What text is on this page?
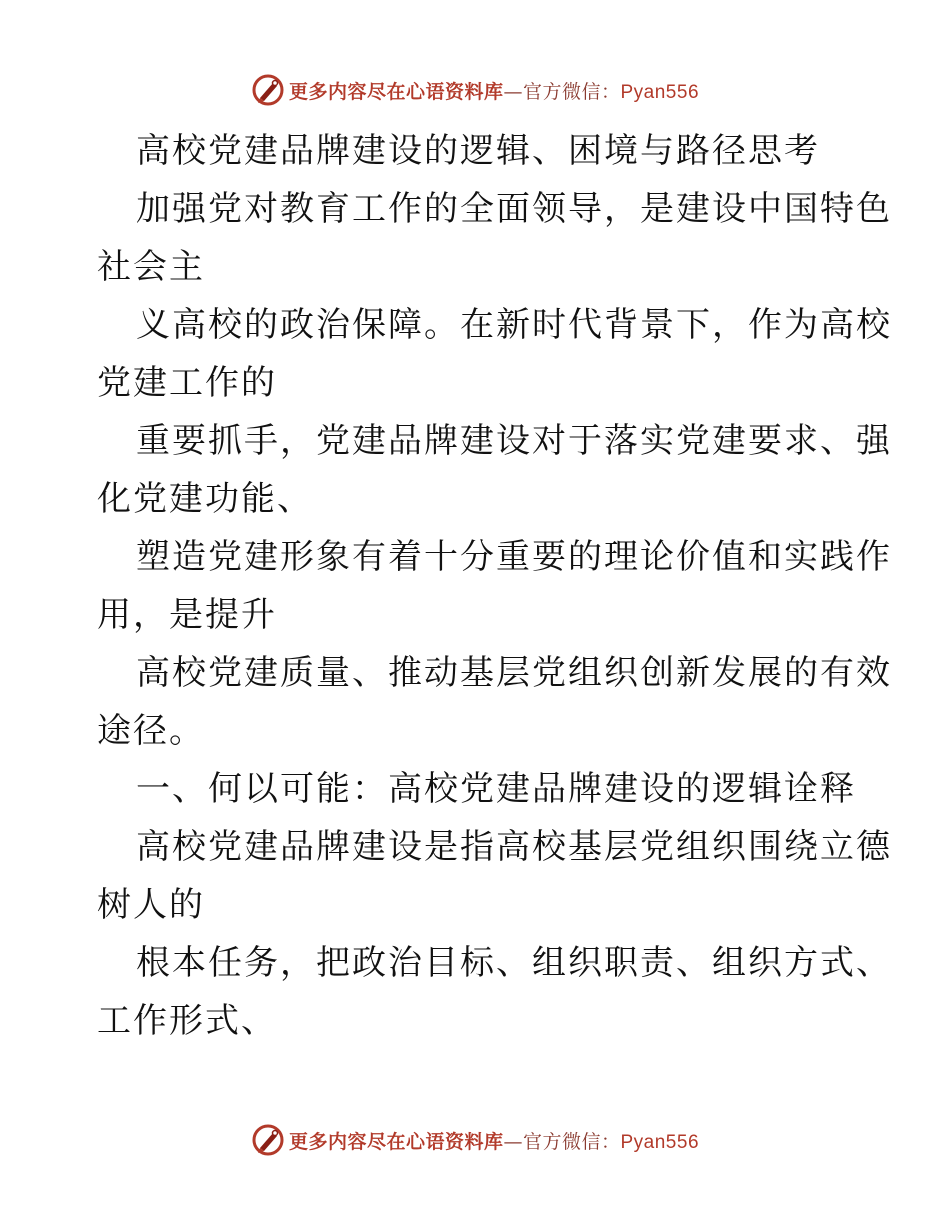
更多内容尽在心语资料库—官方微信：Pyan556
高校党建品牌建设的逻辑、困境与路径思考
加强党对教育工作的全面领导，是建设中国特色
社会主
义高校的政治保障。在新时代背景下，作为高校
党建工作的
重要抓手，党建品牌建设对于落实党建要求、强
化党建功能、
塑造党建形象有着十分重要的理论价值和实践作
用，是提升
高校党建质量、推动基层党组织创新发展的有效
途径。
一、何以可能：高校党建品牌建设的逻辑诠释
高校党建品牌建设是指高校基层党组织围绕立德
树人的
根本任务，把政治目标、组织职责、组织方式、
工作形式、
更多内容尽在心语资料库—官方微信：Pyan556
